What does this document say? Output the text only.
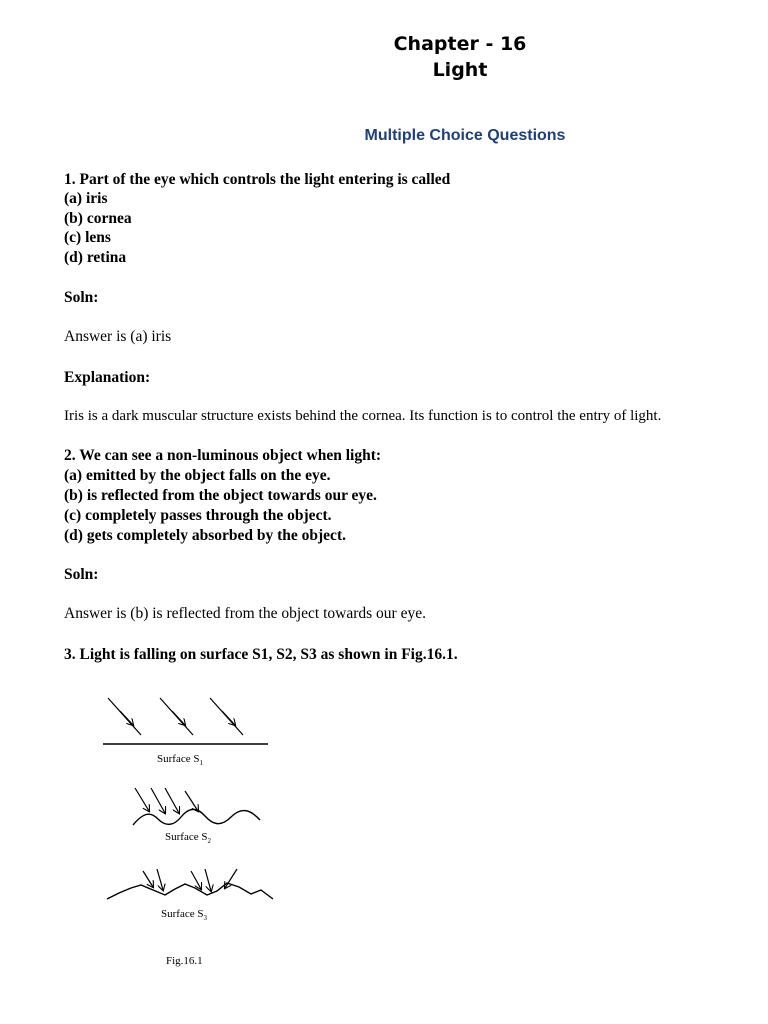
Chapter - 16
Light
Multiple Choice Questions
1. Part of the eye which controls the light entering is called
(a) iris
(b) cornea
(c) lens
(d) retina
Soln:
Answer is (a) iris
Explanation:
Iris is a dark muscular structure exists behind the cornea. Its function is to control the entry of light.
2. We can see a non-luminous object when light:
(a) emitted by the object falls on the eye.
(b) is reflected from the object towards our eye.
(c) completely passes through the object.
(d) gets completely absorbed by the object.
Soln:
Answer is (b) is reflected from the object towards our eye.
3. Light is falling on surface S1, S2, S3 as shown in Fig.16.1.
Surface $S_1$
Surface $S_2$
Surface $S_3$
Fig.16.1
